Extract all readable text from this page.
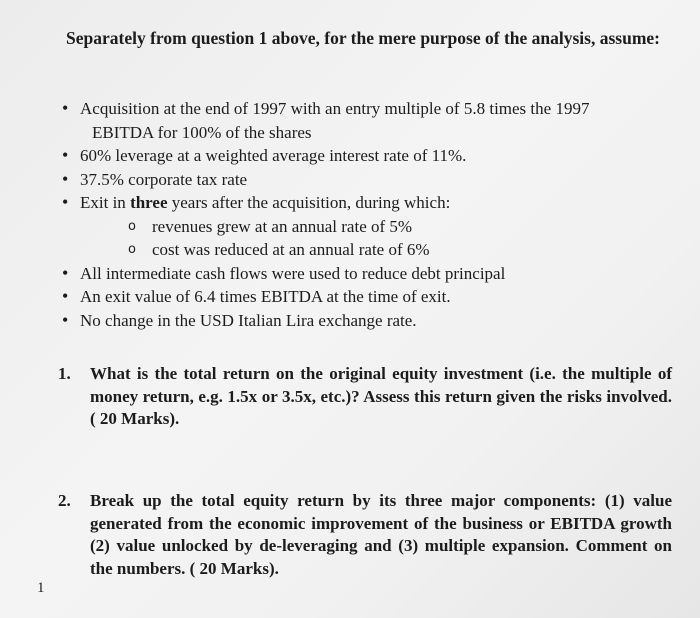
Separately from question 1 above, for the mere purpose of the analysis, assume:
• Acquisition at the end of 1997 with an entry multiple of 5.8 times the 1997
EBITDA for 100% of the shares
• 60% leverage at a weighted average interest rate of 11%.
• 37.5% corporate tax rate
• Exit in three years after the acquisition, during which:
o revenues grew at an annual rate of 5%
o cost was reduced at an annual rate of 6%
• All intermediate cash flows were used to reduce debt principal
• An exit value of 6.4 times EBITDA at the time of exit.
• No change in the USD Italian Lira exchange rate.
1.	What is the total return on the original equity investment (i.e. the multiple of money return, e.g. 1.5x or 3.5x, etc.)? Assess this return given the risks involved.( 20 Marks).
2.	Break up the total equity return by its three major components: (1) value generated from the economic improvement of the business or EBITDA growth (2) value unlocked by de-leveraging and (3) multiple expansion. Comment on the numbers. ( 20 Marks).
1
